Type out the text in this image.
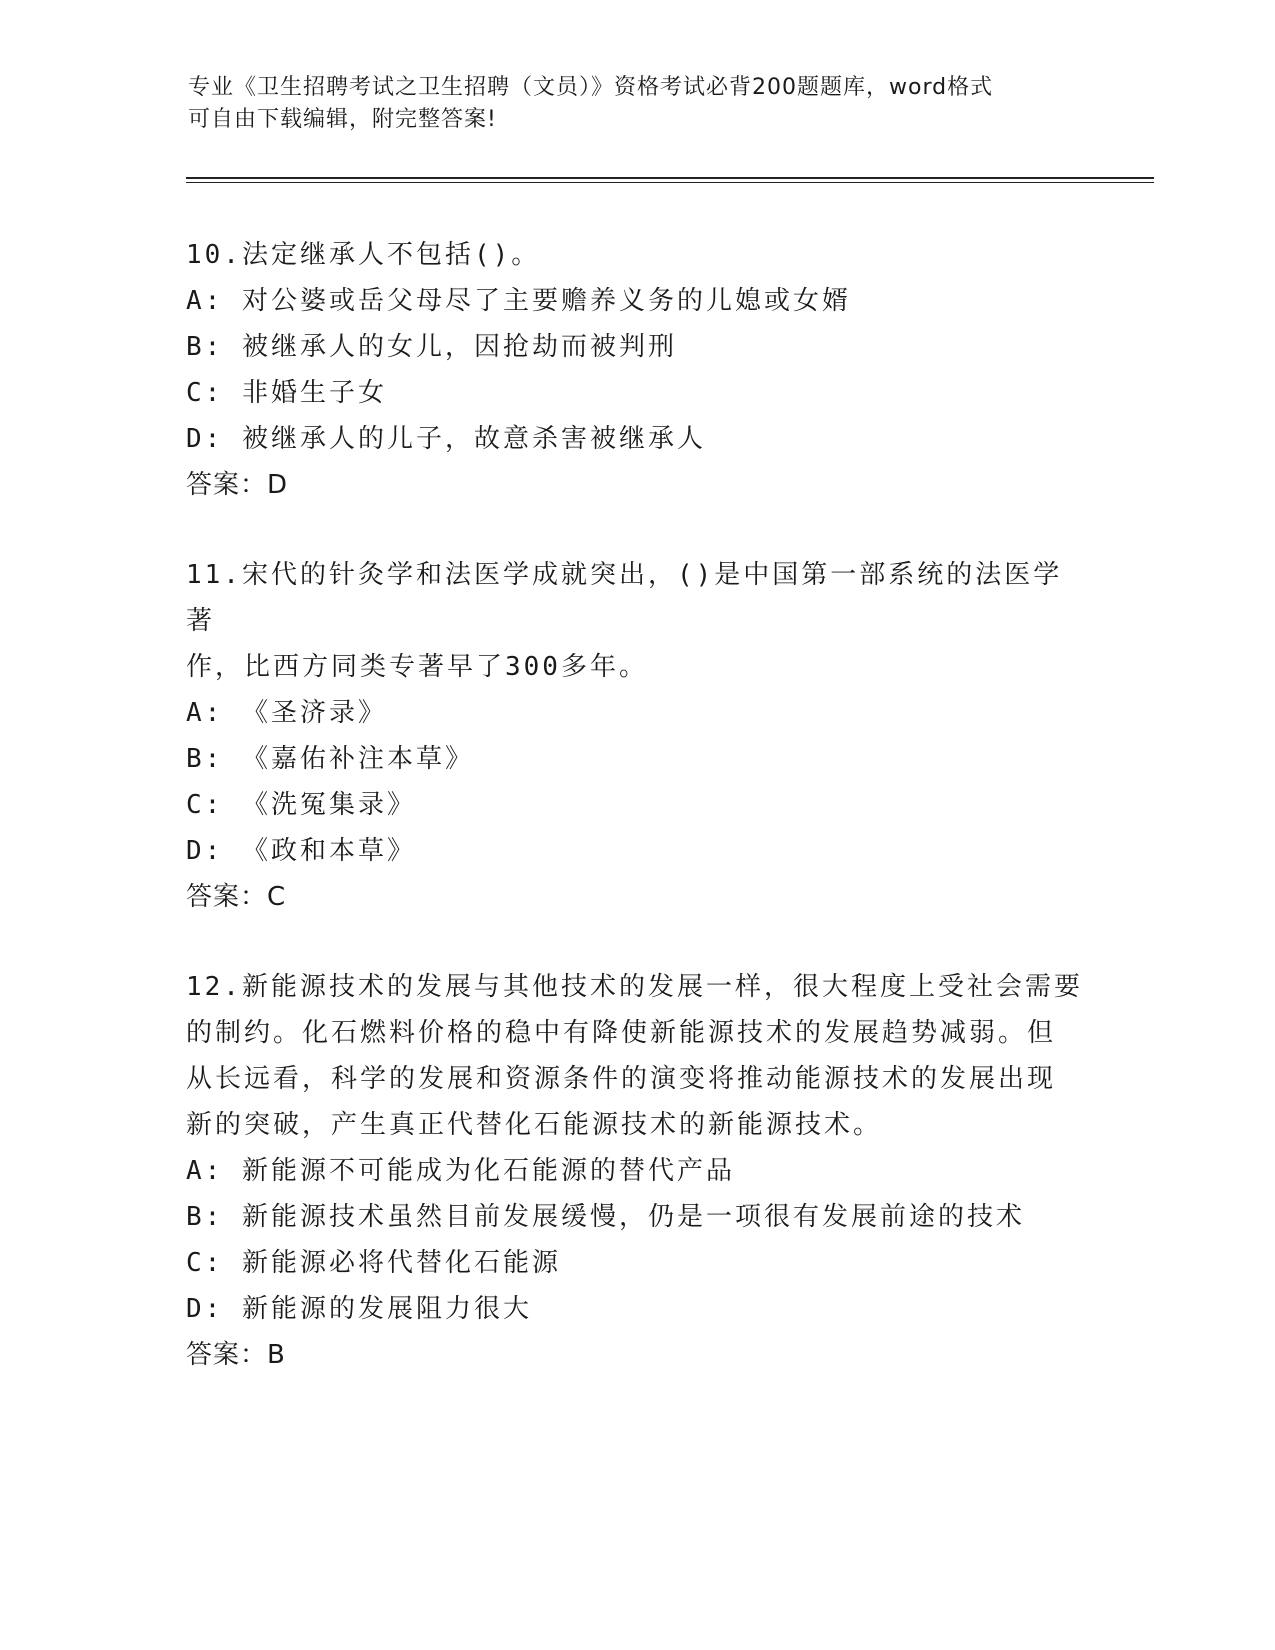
专业《卫生招聘考试之卫生招聘（文员）》资格考试必背200题题库，word格式
可自由下载编辑，附完整答案!
10.法定继承人不包括()。
A: 对公婆或岳父母尽了主要赡养义务的儿媳或女婿
B: 被继承人的女儿，因抢劫而被判刑
C: 非婚生子女
D: 被继承人的儿子，故意杀害被继承人
答案：D
11.宋代的针灸学和法医学成就突出，()是中国第一部系统的法医学著
作，比西方同类专著早了300多年。
A: 《圣济录》
B: 《嘉佑补注本草》
C: 《洗冤集录》
D: 《政和本草》
答案：C
12.新能源技术的发展与其他技术的发展一样，很大程度上受社会需要
的制约。化石燃料价格的稳中有降使新能源技术的发展趋势减弱。但
从长远看，科学的发展和资源条件的演变将推动能源技术的发展出现
新的突破，产生真正代替化石能源技术的新能源技术。
A: 新能源不可能成为化石能源的替代产品
B: 新能源技术虽然目前发展缓慢，仍是一项很有发展前途的技术
C: 新能源必将代替化石能源
D: 新能源的发展阻力很大
答案：B
